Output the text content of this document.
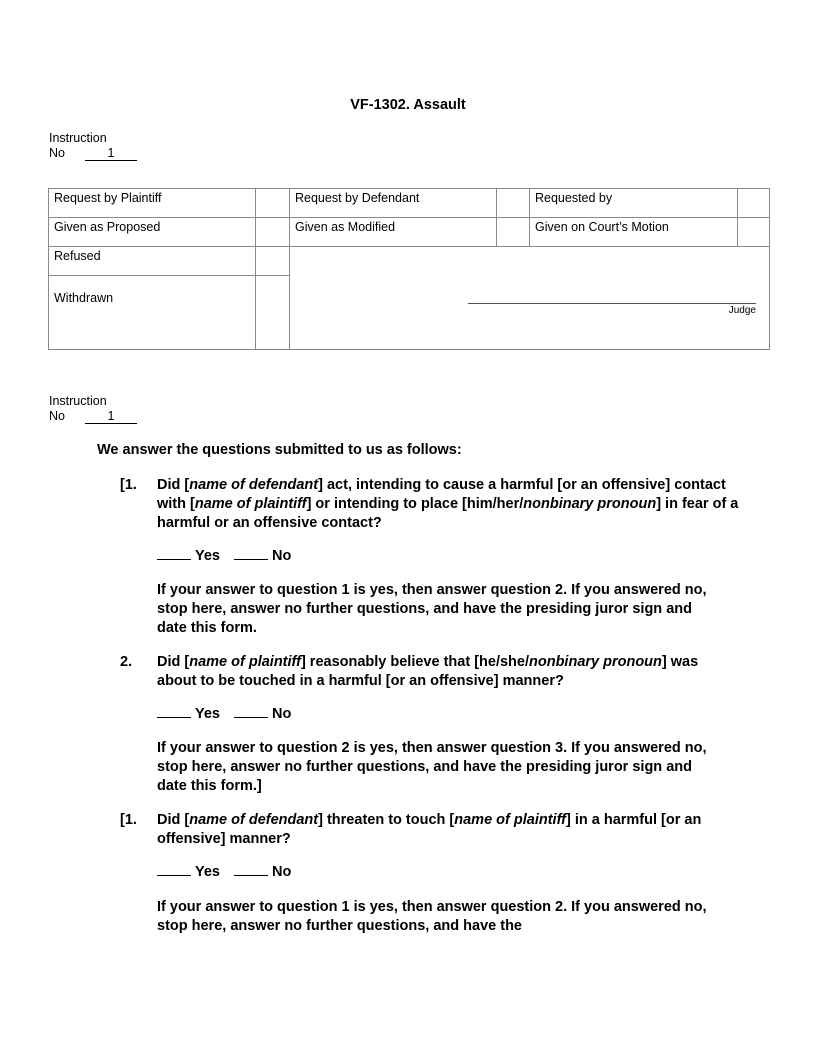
VF-1302. Assault
Instruction
No	1
Request by Plaintiff		Request by Defendant		Requested by	
Given as Proposed		Given as Modified		Given on Court’s Motion	
Refused		Judge			

Withdrawn					
Instruction
No	1
We answer the questions submitted to us as follows:
[1. Did [name of defendant] act, intending to cause a harmful [or an offensive] contact with [name of plaintiff] or intending to place [him/her/nonbinary pronoun] in fear of a harmful or an offensive contact?
Yes	No
If your answer to question 1 is yes, then answer question 2. If you answered no, stop here, answer no further questions, and have the presiding juror sign and date this form.
2. Did [name of plaintiff] reasonably believe that [he/she/nonbinary pronoun] was about to be touched in a harmful [or an offensive] manner?
Yes	No
If your answer to question 2 is yes, then answer question 3. If you answered no, stop here, answer no further questions, and have the presiding juror sign and date this form.]
[1. Did [name of defendant] threaten to touch [name of plaintiff] in a harmful [or an offensive] manner?
Yes	No
If your answer to question 1 is yes, then answer question 2. If you answered no, stop here, answer no further questions, and have the
